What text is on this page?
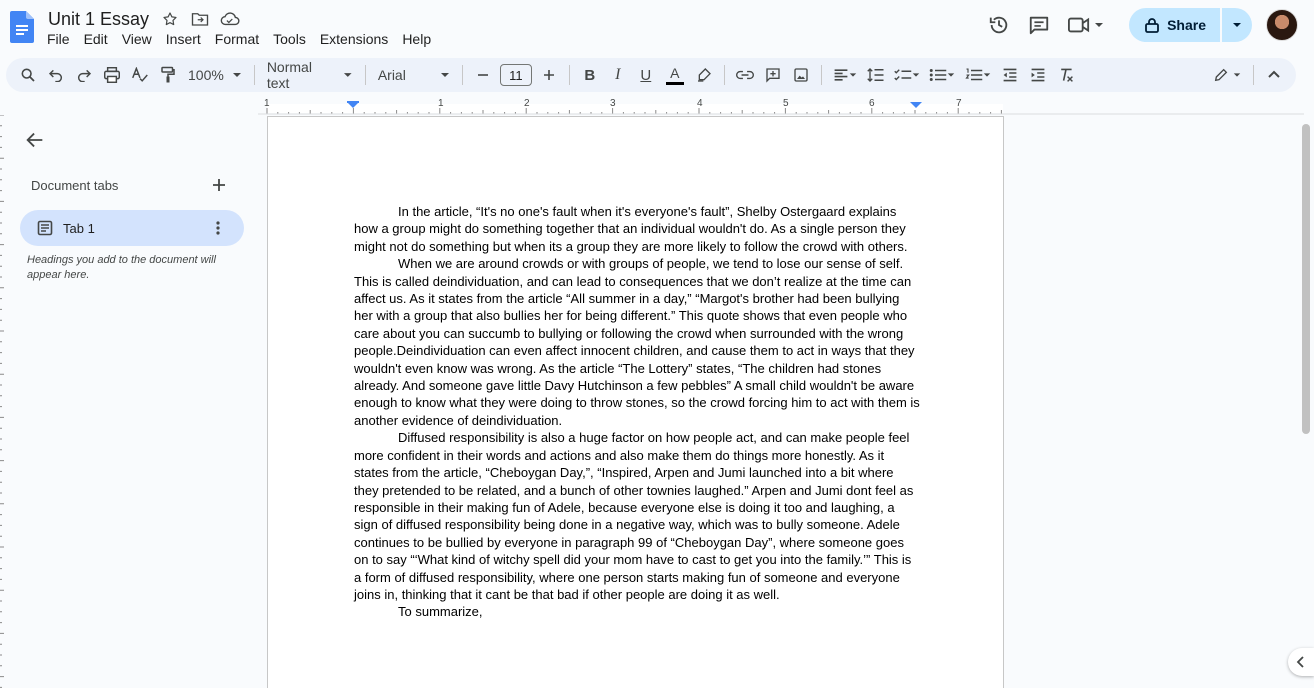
Unit 1 Essay
File	Edit	View	Insert	Format	Tools	Extensions	Help
Share
100%	Normal text	Arial	11	B	I	U	A
1	1	2	3	4	5	6	7
Document tabs
Tab 1

Headings you add to the document will appear here.

In the article, “It's no one's fault when it's everyone's fault”, Shelby Ostergaard explains how a group might do something together that an individual wouldn't do. As a single person they might not do something but when its a group they are more likely to follow the crowd with others.

When we are around crowds or with groups of people, we tend to lose our sense of self. This is called deindividuation, and can lead to consequences that we don’t realize at the time can affect us. As it states from the article “All summer in a day,” “Margot's brother had been bullying her with a group that also bullies her for being different.” This quote shows that even people who care about you can succumb to bullying or following the crowd when surrounded with the wrong people.Deindividuation can even affect innocent children, and cause them to act in ways that they wouldn't even know was wrong. As the article “The Lottery” states, “The children had stones already. And someone gave little Davy Hutchinson a few pebbles” A small child wouldn't be aware enough to know what they were doing to throw stones, so the crowd forcing him to act with them is another evidence of deindividuation.

Diffused responsibility is also a huge factor on how people act, and can make people feel more confident in their words and actions and also make them do things more honestly. As it states from the article, “Cheboygan Day,”, “Inspired, Arpen and Jumi launched into a bit where they pretended to be related, and a bunch of other townies laughed.” Arpen and Jumi dont feel as responsible in their making fun of Adele, because everyone else is doing it too and laughing, a sign of diffused responsibility being done in a negative way, which was to bully someone. Adele continues to be bullied by everyone in paragraph 99 of “Cheboygan Day”, where someone goes on to say “‘What kind of witchy spell did your mom have to cast to get you into the family.’” This is a form of diffused responsibility, where one person starts making fun of someone and everyone joins in, thinking that it cant be that bad if other people are doing it as well.

To summarize,
